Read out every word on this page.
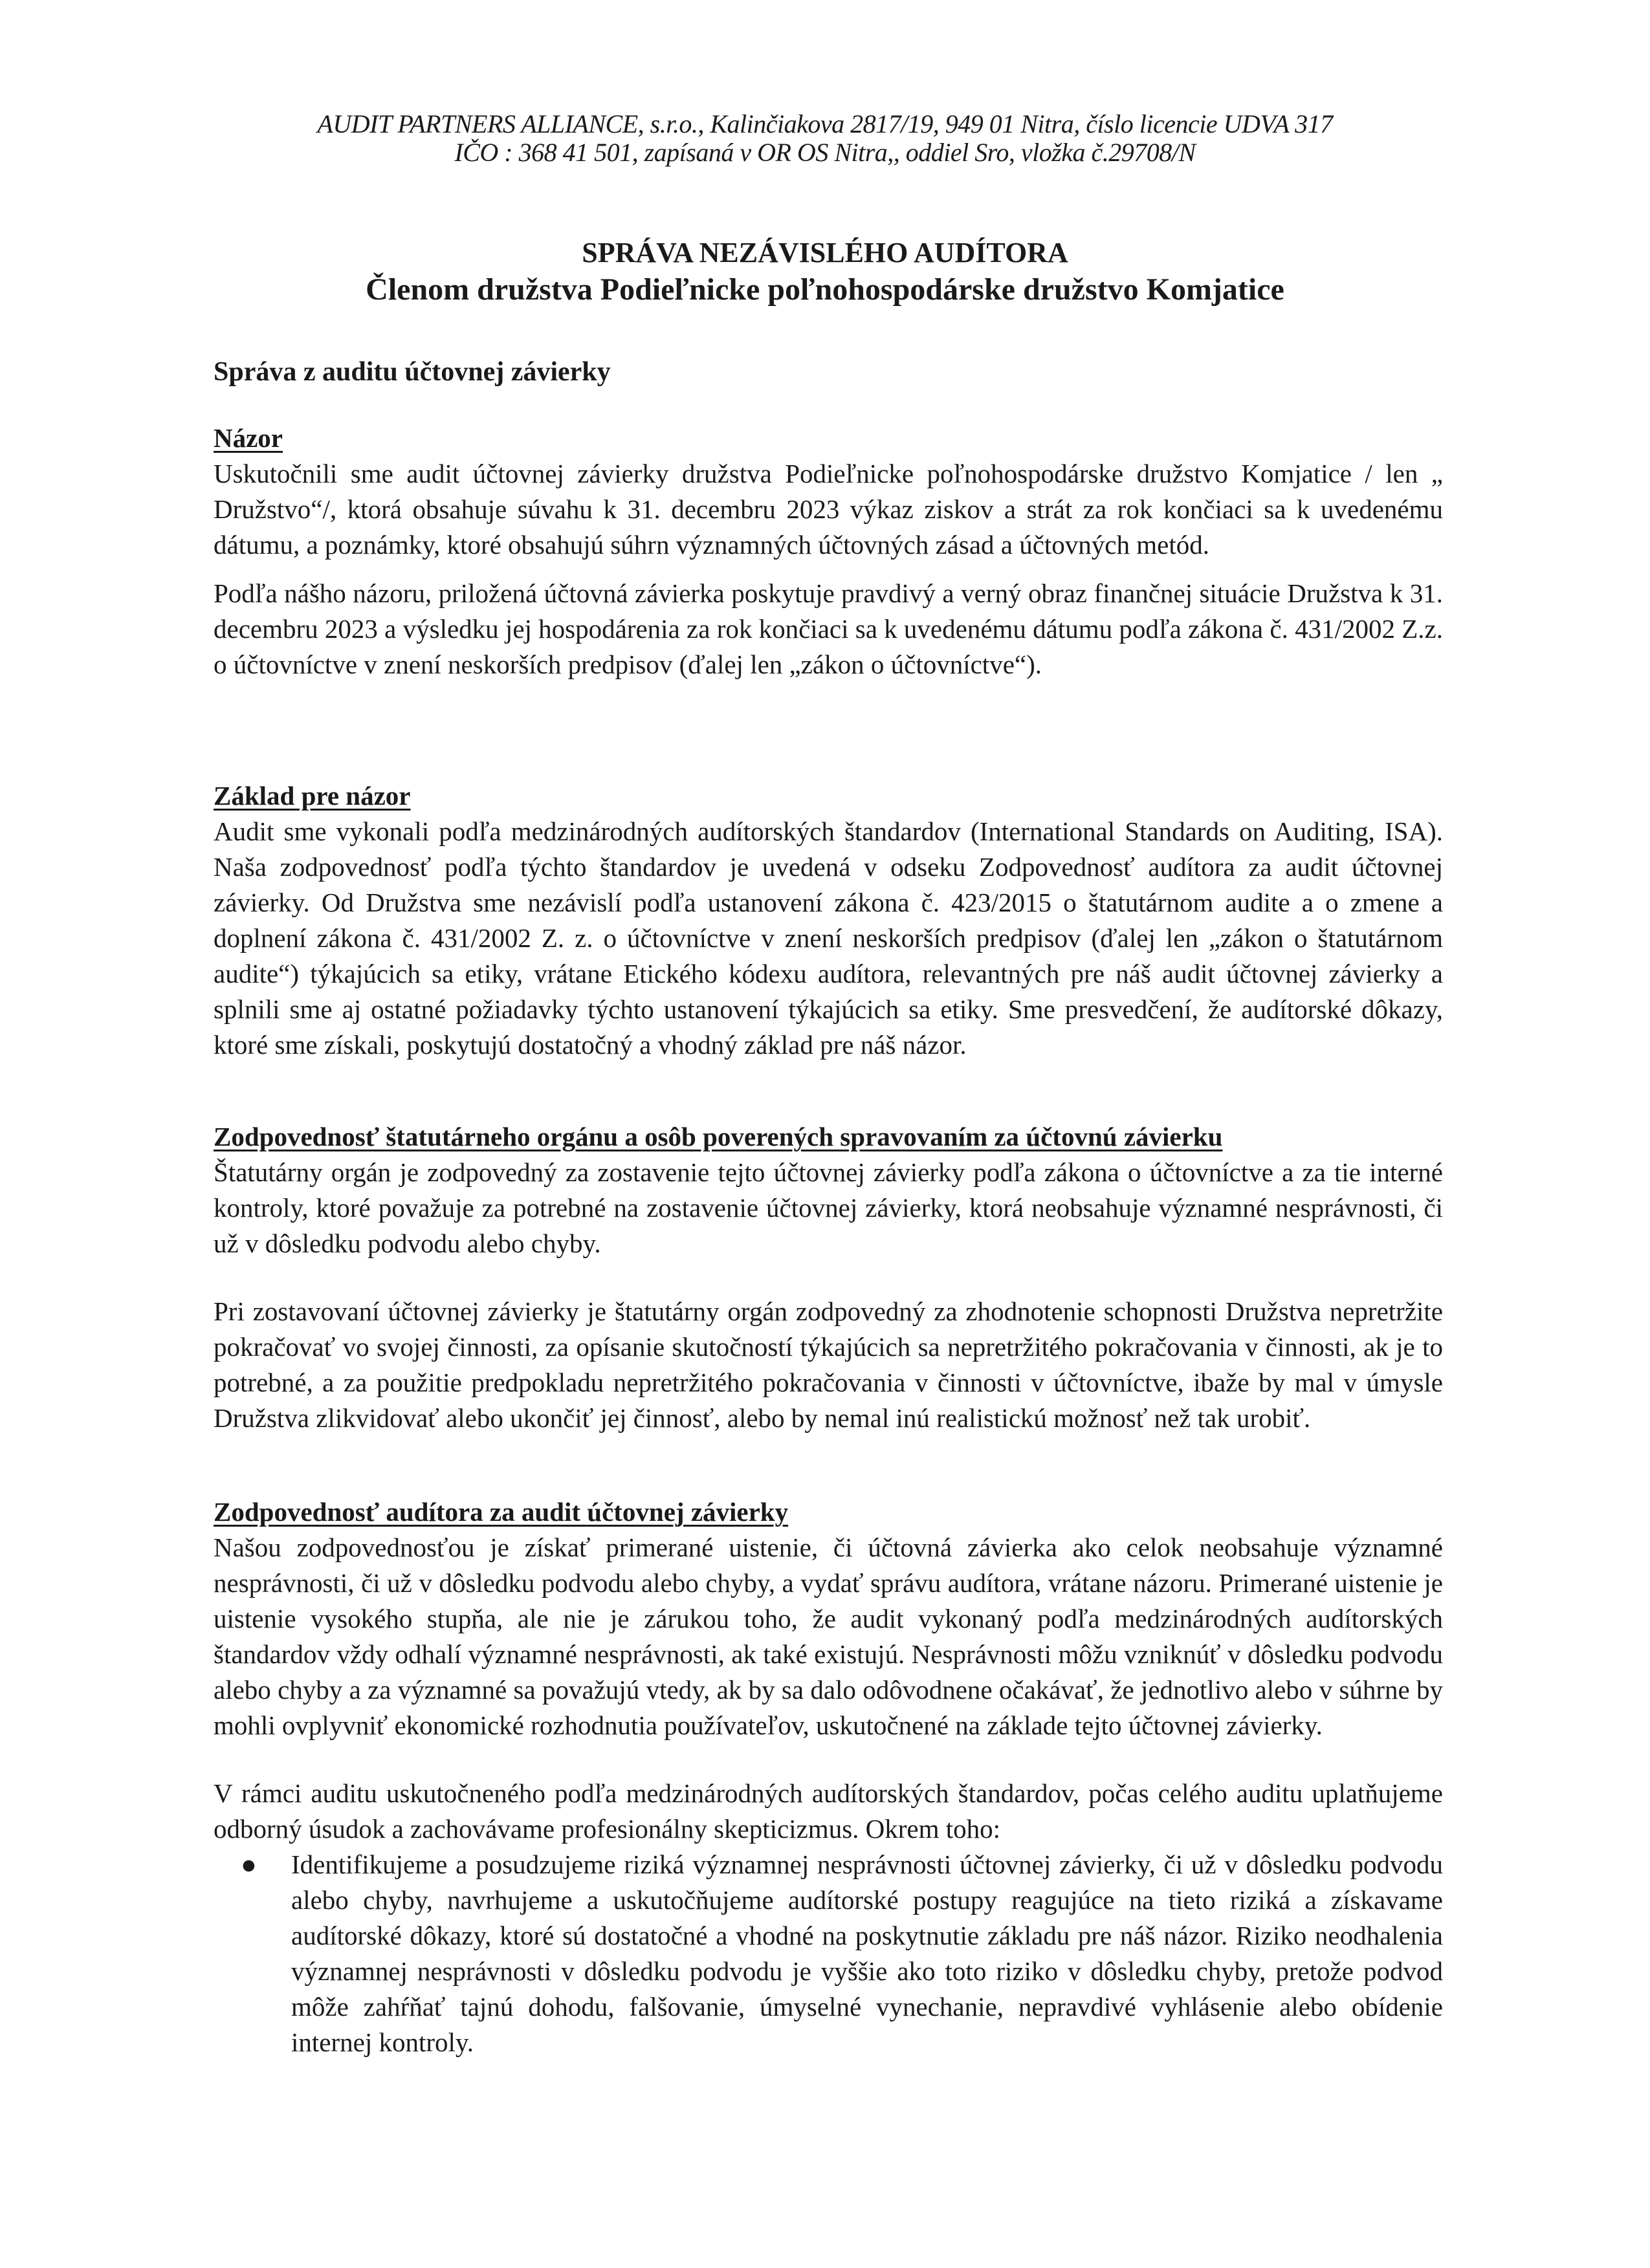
AUDIT PARTNERS ALLIANCE, s.r.o., Kalinčiakova 2817/19, 949 01 Nitra, číslo licencie UDVA 317
IČO : 368 41 501, zapísaná v OR OS Nitra,, oddiel Sro, vložka č.29708/N
SPRÁVA NEZÁVISLÉHO AUDÍTORA
Členom družstva Podieľnicke poľnohospodárske družstvo Komjatice
Správa z auditu účtovnej závierky
Názor

Uskutočnili sme audit účtovnej závierky družstva Podieľnicke poľnohospodárske družstvo Komjatice / len „ Družstvo“/, ktorá obsahuje súvahu k 31. decembru 2023 výkaz ziskov a strát za rok končiaci sa k uvedenému dátumu, a poznámky, ktoré obsahujú súhrn významných účtovných zásad a účtovných metód.

Podľa nášho názoru, priložená účtovná závierka poskytuje pravdivý a verný obraz finančnej situácie Družstva k 31. decembru 2023 a výsledku jej hospodárenia za rok končiaci sa k uvedenému dátumu podľa zákona č. 431/2002 Z.z. o účtovníctve v znení neskorších predpisov (ďalej len „zákon o účtovníctve“).

Základ pre názor

Audit sme vykonali podľa medzinárodných audítorských štandardov (International Standards on Auditing, ISA). Naša zodpovednosť podľa týchto štandardov je uvedená v odseku Zodpovednosť audítora za audit účtovnej závierky. Od Družstva sme nezávislí podľa ustanovení zákona č. 423/2015 o štatutárnom audite a o zmene a doplnení zákona č. 431/2002 Z. z. o účtovníctve v znení neskorších predpisov (ďalej len „zákon o štatutárnom audite“) týkajúcich sa etiky, vrátane Etického kódexu audítora, relevantných pre náš audit účtovnej závierky a splnili sme aj ostatné požiadavky týchto ustanovení týkajúcich sa etiky. Sme presvedčení, že audítorské dôkazy, ktoré sme získali, poskytujú dostatočný a vhodný základ pre náš názor.

Zodpovednosť štatutárneho orgánu a osôb poverených spravovaním za účtovnú závierku

Štatutárny orgán je zodpovedný za zostavenie tejto účtovnej závierky podľa zákona o účtovníctve a za tie interné kontroly, ktoré považuje za potrebné na zostavenie účtovnej závierky, ktorá neobsahuje významné nesprávnosti, či už v dôsledku podvodu alebo chyby.

Pri zostavovaní účtovnej závierky je štatutárny orgán zodpovedný za zhodnotenie schopnosti Družstva nepretržite pokračovať vo svojej činnosti, za opísanie skutočností týkajúcich sa nepretržitého pokračovania v činnosti, ak je to potrebné, a za použitie predpokladu nepretržitého pokračovania v činnosti v účtovníctve, ibaže by mal v úmysle Družstva zlikvidovať alebo ukončiť jej činnosť, alebo by nemal inú realistickú možnosť než tak urobiť.

Zodpovednosť audítora za audit účtovnej závierky

Našou zodpovednosťou je získať primerané uistenie, či účtovná závierka ako celok neobsahuje významné nesprávnosti, či už v dôsledku podvodu alebo chyby, a vydať správu audítora, vrátane názoru. Primerané uistenie je uistenie vysokého stupňa, ale nie je zárukou toho, že audit vykonaný podľa medzinárodných audítorských štandardov vždy odhalí významné nesprávnosti, ak také existujú. Nesprávnosti môžu vzniknúť v dôsledku podvodu alebo chyby a za významné sa považujú vtedy, ak by sa dalo odôvodnene očakávať, že jednotlivo alebo v súhrne by mohli ovplyvniť ekonomické rozhodnutia používateľov, uskutočnené na základe tejto účtovnej závierky.

V rámci auditu uskutočneného podľa medzinárodných audítorských štandardov, počas celého auditu uplatňujeme odborný úsudok a zachovávame profesionálny skepticizmus. Okrem toho:

● Identifikujeme a posudzujeme riziká významnej nesprávnosti účtovnej závierky, či už v dôsledku podvodu alebo chyby, navrhujeme a uskutočňujeme audítorské postupy reagujúce na tieto riziká a získavame audítorské dôkazy, ktoré sú dostatočné a vhodné na poskytnutie základu pre náš názor. Riziko neodhalenia významnej nesprávnosti v dôsledku podvodu je vyššie ako toto riziko v dôsledku chyby, pretože podvod môže zahŕňať tajnú dohodu, falšovanie, úmyselné vynechanie, nepravdivé vyhlásenie alebo obídenie internej kontroly.
